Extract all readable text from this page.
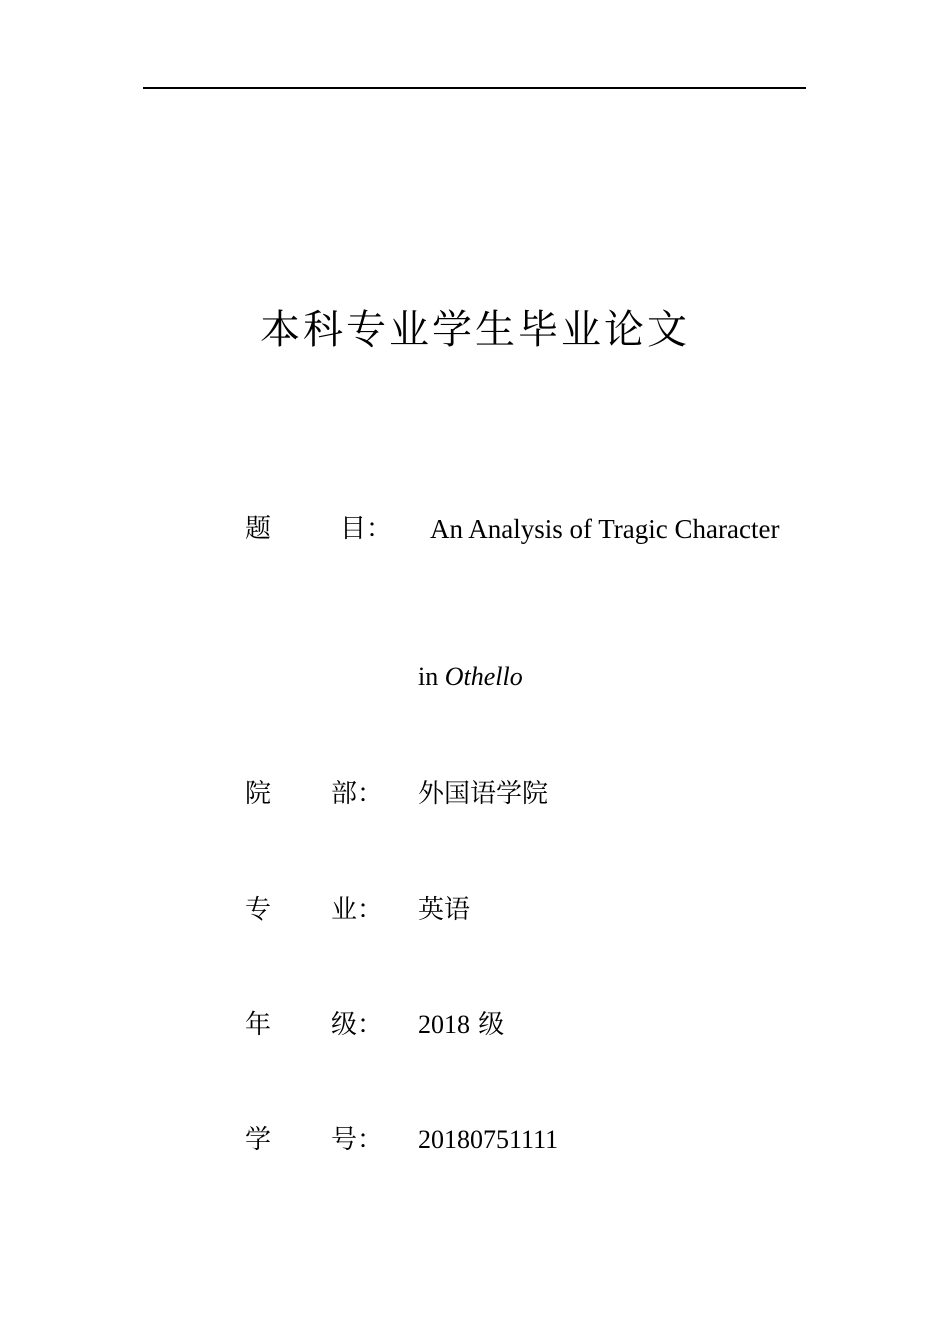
本科专业学生毕业论文
题	目： An Analysis of Tragic Character
in Othello
院 部： 外国语学院
专 业： 英语
年 级： 2018 级
学 号： 20180751111
